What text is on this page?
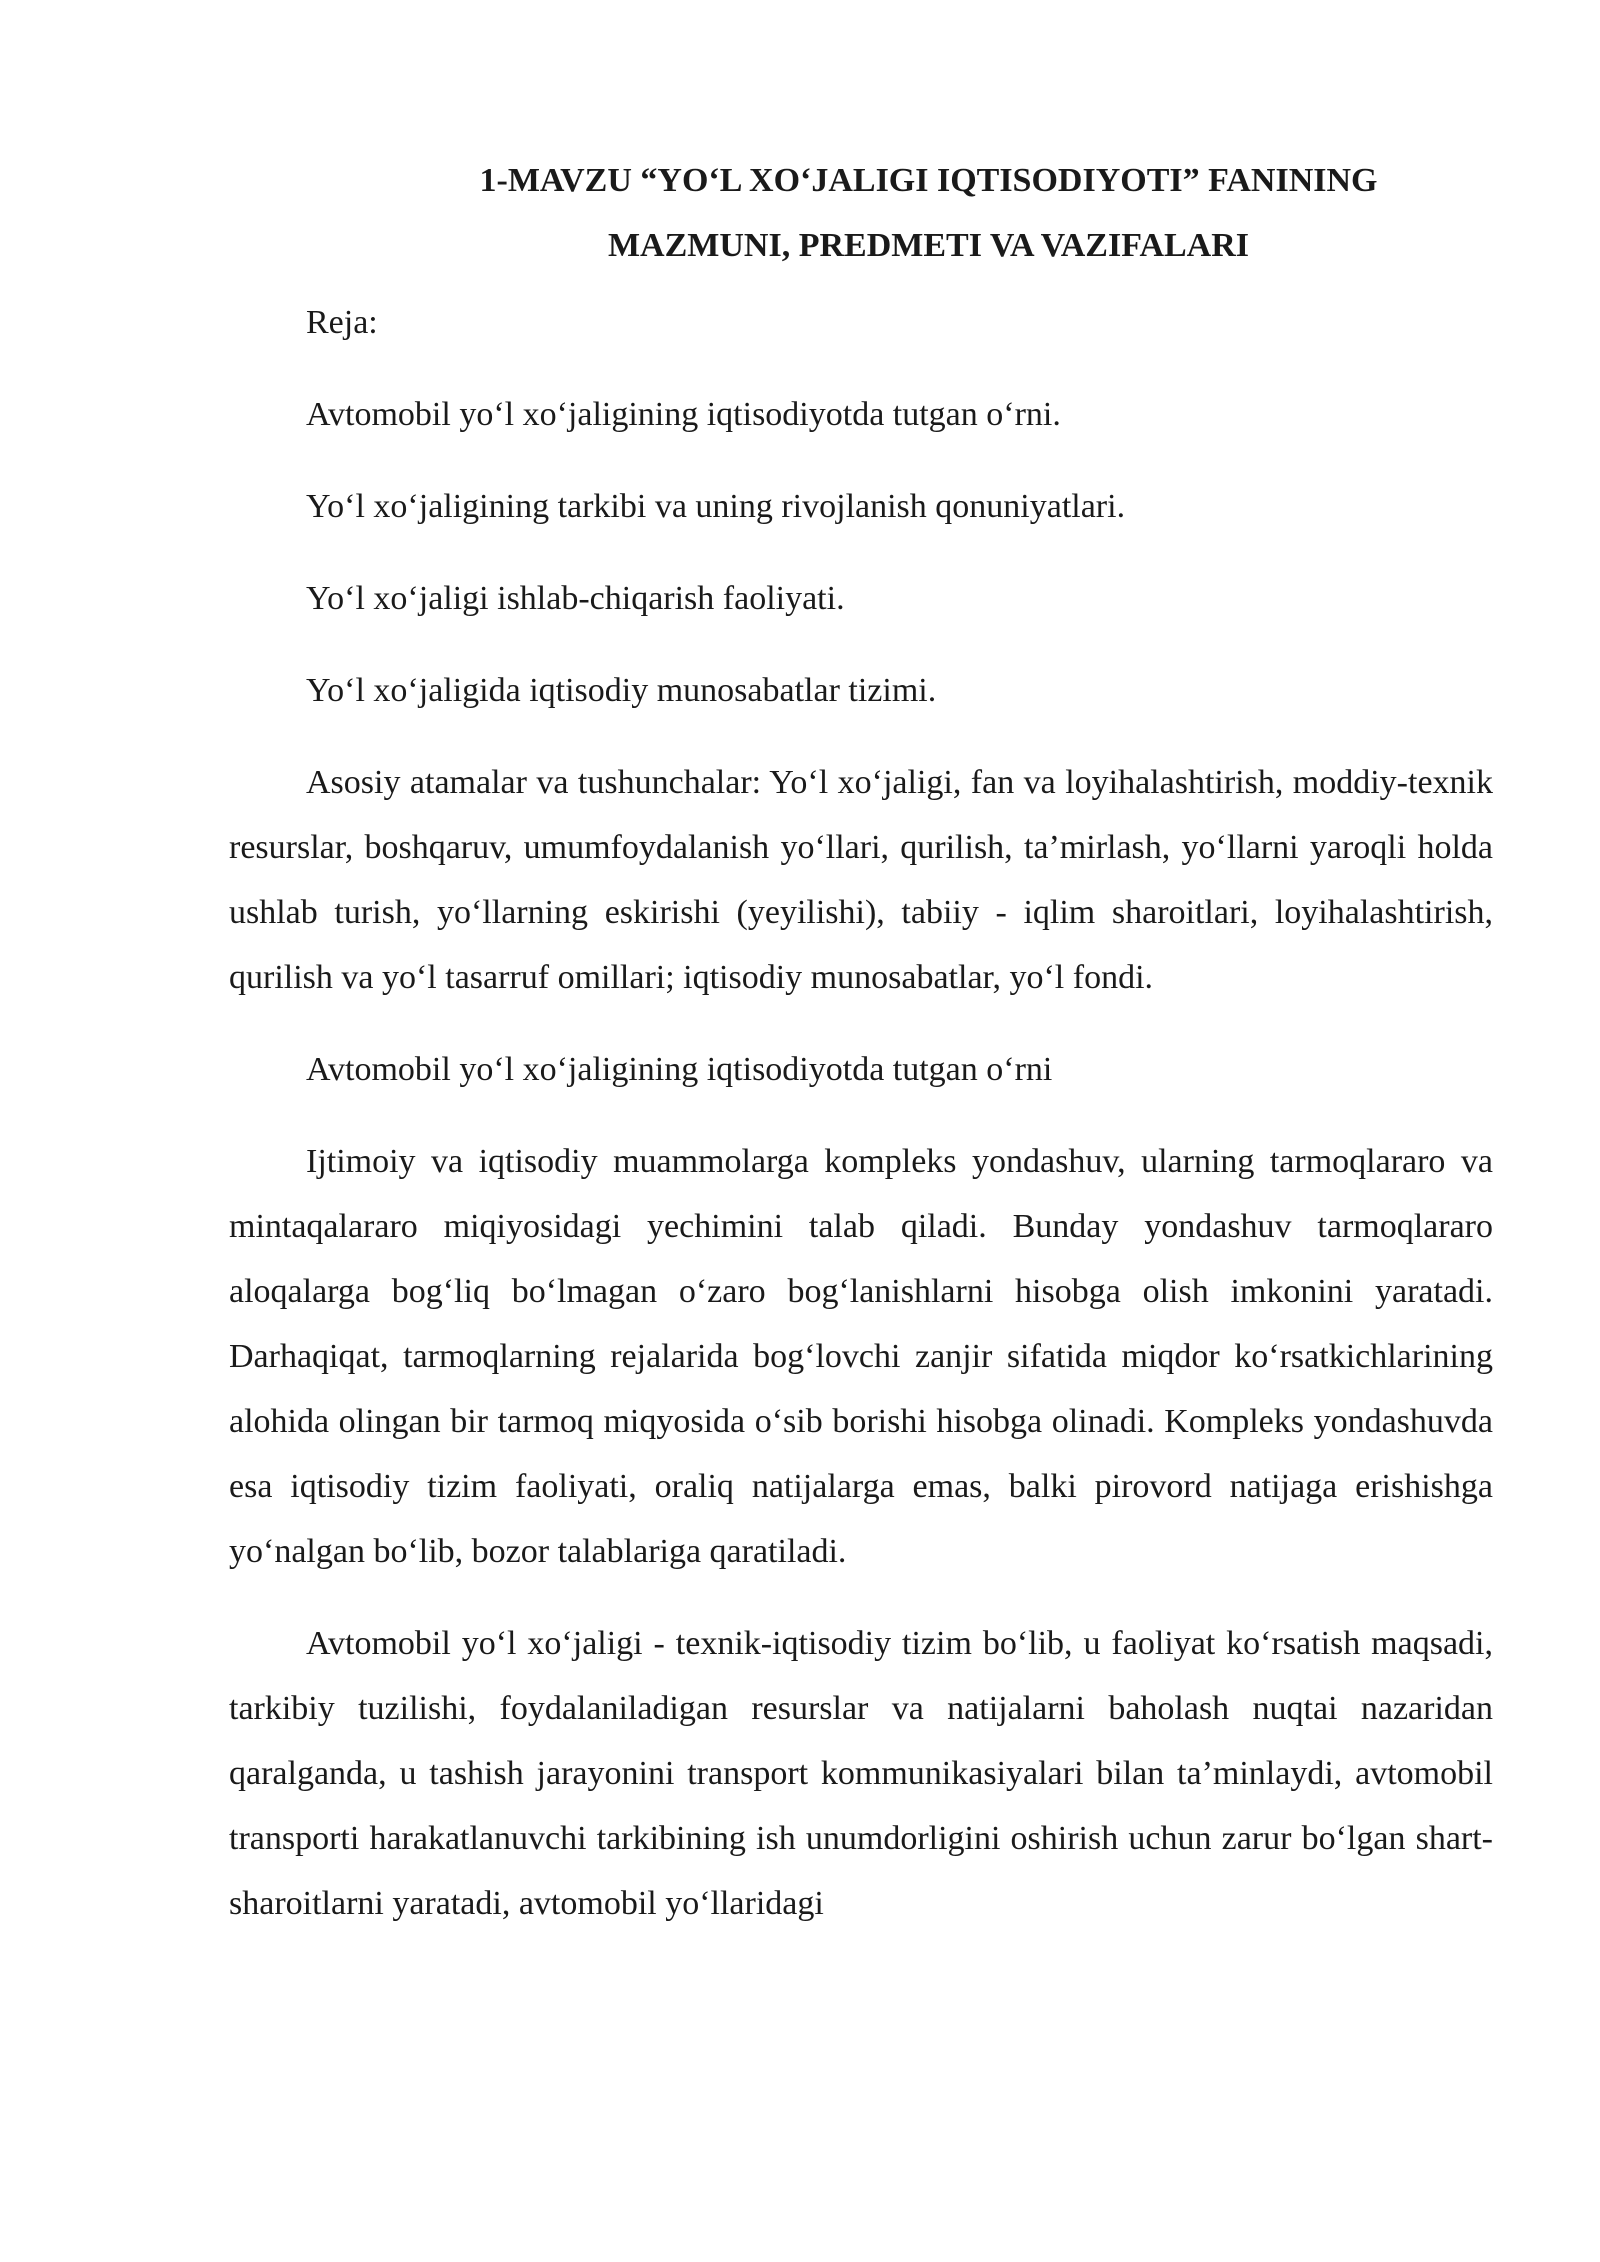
1-MAVZU “YO‘L XO‘JALIGI IQTISODIYOTI” FANINING
MAZMUNI, PREDMETI VA VAZIFALARI

Reja:

Avtomobil yo‘l xo‘jaligining iqtisodiyotda tutgan o‘rni.

Yo‘l xo‘jaligining tarkibi va uning rivojlanish qonuniyatlari.

Yo‘l xo‘jaligi ishlab-chiqarish faoliyati.

Yo‘l xo‘jaligida iqtisodiy munosabatlar tizimi.

Asosiy atamalar va tushunchalar: Yo‘l xo‘jaligi, fan va loyihalashtirish, moddiy-texnik resurslar, boshqaruv, umumfoydalanish yo‘llari, qurilish, ta’mirlash, yo‘llarni yaroqli holda ushlab turish, yo‘llarning eskirishi (yeyilishi), tabiiy - iqlim sharoitlari, loyihalashtirish, qurilish va yo‘l tasarruf omillari; iqtisodiy munosabatlar, yo‘l fondi.

Avtomobil yo‘l xo‘jaligining iqtisodiyotda tutgan o‘rni

Ijtimoiy va iqtisodiy muammolarga kompleks yondashuv, ularning tarmoqlararo va mintaqalararo miqiyosidagi yechimini talab qiladi. Bunday yondashuv tarmoqlararo aloqalarga bog‘liq bo‘lmagan o‘zaro bog‘lanishlarni hisobga olish imkonini yaratadi. Darhaqiqat, tarmoqlarning rejalarida bog‘lovchi zanjir sifatida miqdor ko‘rsatkichlarining alohida olingan bir tarmoq miqyosida o‘sib borishi hisobga olinadi. Kompleks yondashuvda esa iqtisodiy tizim faoliyati, oraliq natijalarga emas, balki pirovord natijaga erishishga yo‘nalgan bo‘lib, bozor talablariga qaratiladi.

Avtomobil yo‘l xo‘jaligi - texnik-iqtisodiy tizim bo‘lib, u faoliyat ko‘rsatish maqsadi, tarkibiy tuzilishi, foydalaniladigan resurslar va natijalarni baholash nuqtai nazaridan qaralganda, u tashish jarayonini transport kommunikasiyalari bilan ta’minlaydi, avtomobil transporti harakatlanuvchi tarkibining ish unumdorligini oshirish uchun zarur bo‘lgan shart-sharoitlarni yaratadi, avtomobil yo‘llaridagi
